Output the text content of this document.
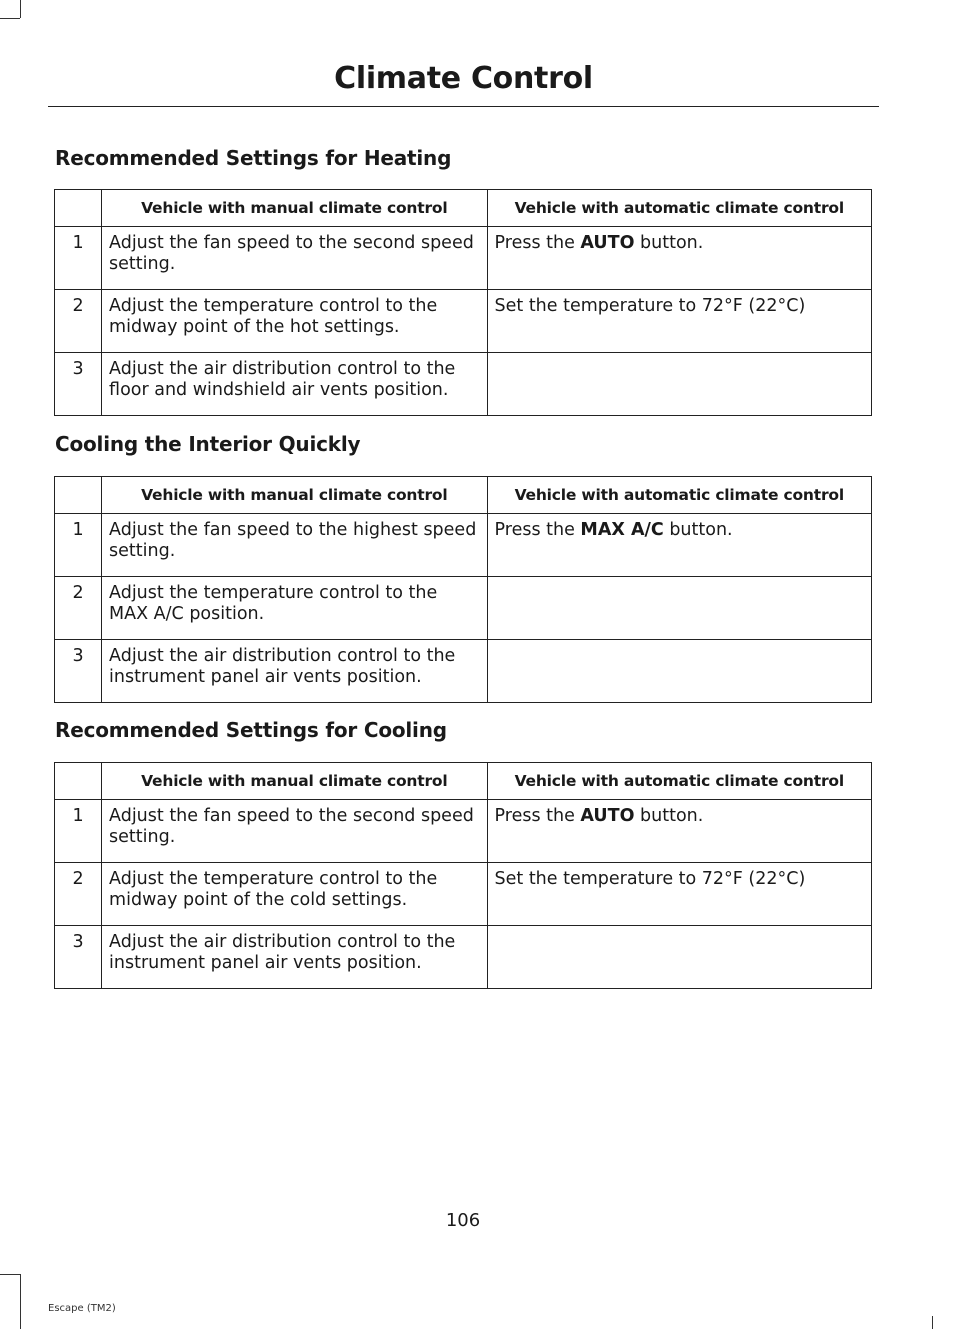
Climate Control
Recommended Settings for Heating
	Vehicle with manual climate control	Vehicle with automatic climate control
1	Adjust the fan speed to the second speed setting.	Press the AUTO button.
2	Adjust the temperature control to the midway point of the hot settings.	Set the temperature to 72°F (22°C)
3	Adjust the air distribution control to the floor and windshield air vents position.	
Cooling the Interior Quickly
	Vehicle with manual climate control	Vehicle with automatic climate control
1	Adjust the fan speed to the highest speed setting.	Press the MAX A/C button.
2	Adjust the temperature control to the MAX A/C position.	
3	Adjust the air distribution control to the instrument panel air vents position.	
Recommended Settings for Cooling
	Vehicle with manual climate control	Vehicle with automatic climate control
1	Adjust the fan speed to the second speed setting.	Press the AUTO button.
2	Adjust the temperature control to the midway point of the cold settings.	Set the temperature to 72°F (22°C)
3	Adjust the air distribution control to the instrument panel air vents position.	
106
Escape (TM2)
